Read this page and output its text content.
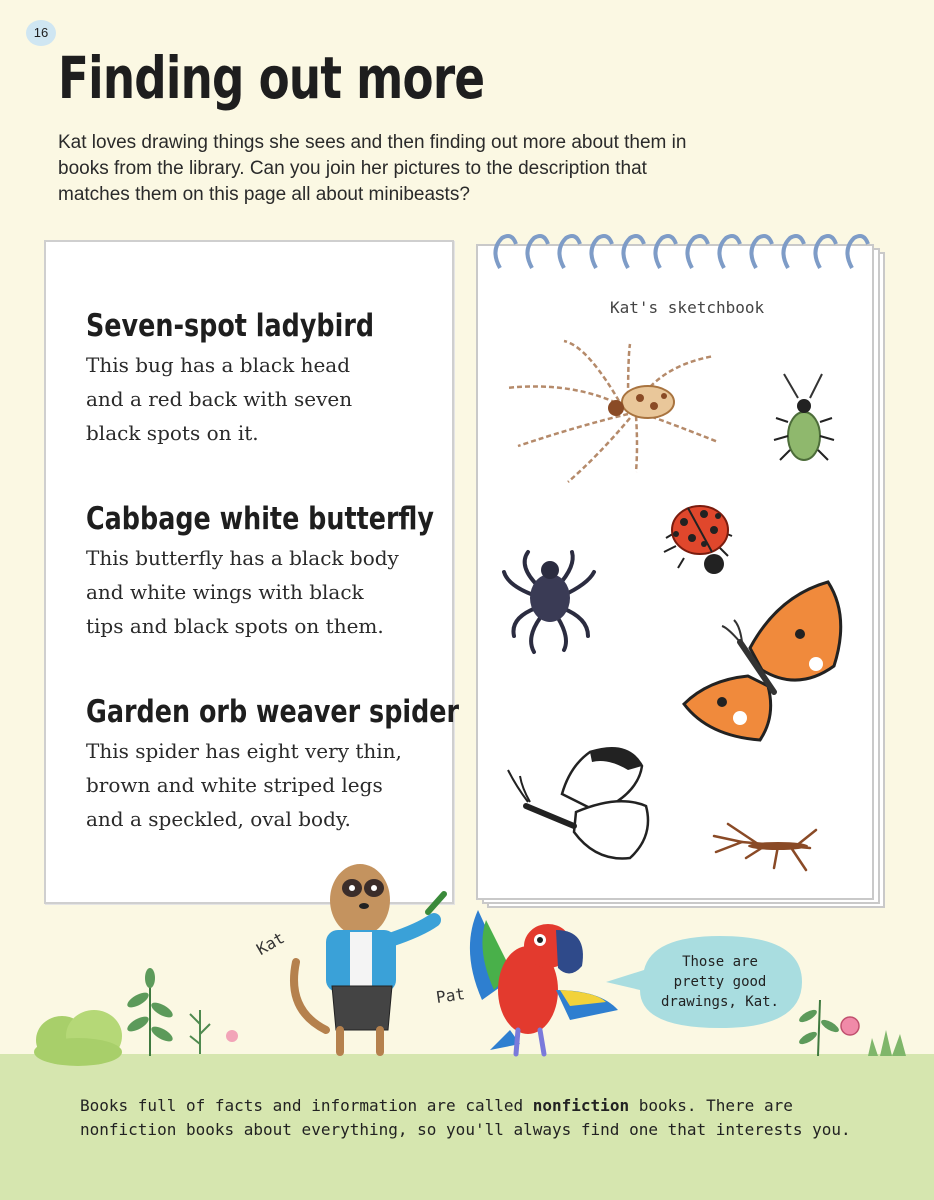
16
Finding out more

Kat loves drawing things she sees and then finding out more about them in books from the library. Can you join her pictures to the description that matches them on this page all about minibeasts?

Seven-spot ladybird

This bug has a black head

and a red back with seven

black spots on it.

Cabbage white butterfly

This butterfly has a black body

and white wings with black

tips and black spots on them.

Garden orb weaver spider

This spider has eight very thin,

brown and white striped legs

and a speckled, oval body.

Kat's sketchbook
Kat
Pat
Those are
pretty good
drawings, Kat.
Books full of facts and information are called nonfiction books. There are
nonfiction books about everything, so you'll always find one that interests you.
